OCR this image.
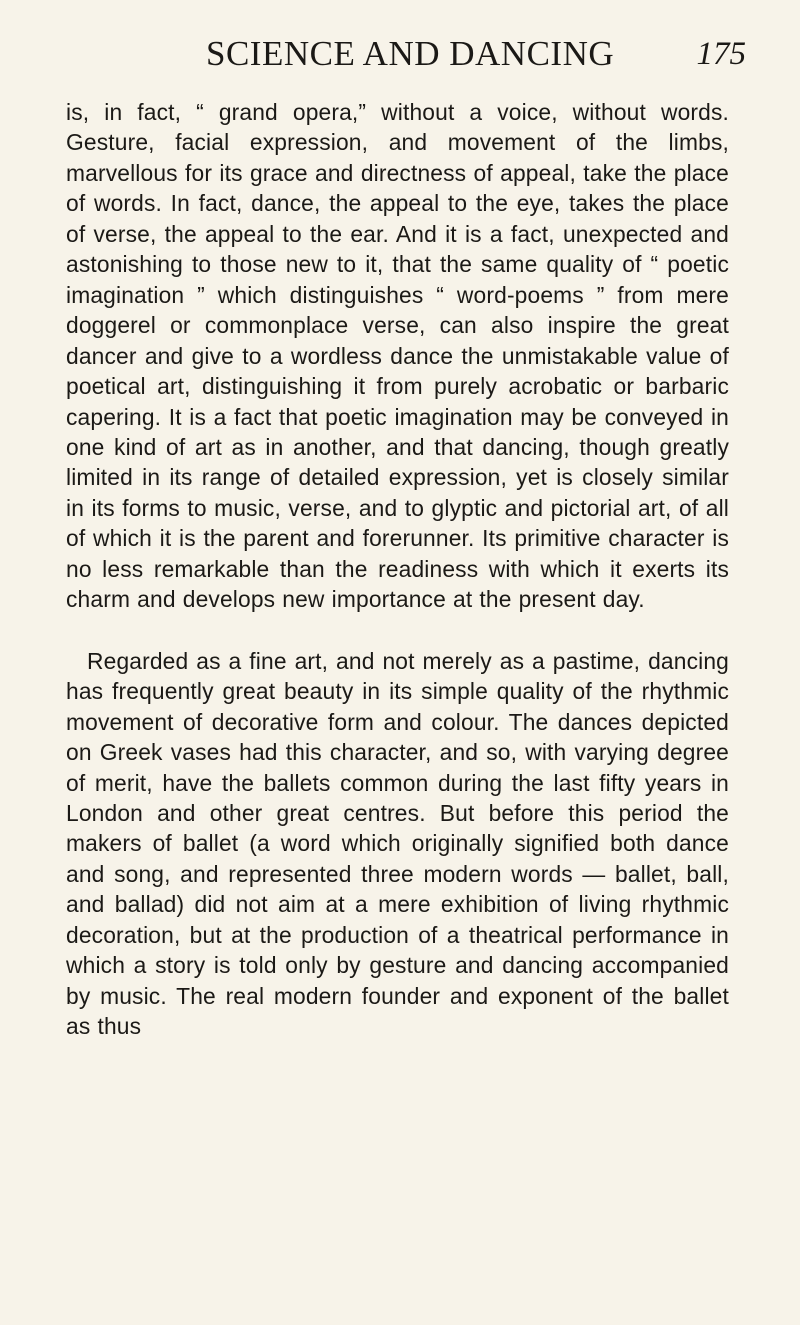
SCIENCE AND DANCING 175

is, in fact, “ grand opera,” without a voice, without words. Gesture, facial expression, and movement of the limbs, marvellous for its grace and directness of appeal, take the place of words. In fact, dance, the appeal to the eye, takes the place of verse, the appeal to the ear. And it is a fact, unexpected and astonishing to those new to it, that the same quality of “ poetic imagination ” which distinguishes “ word-poems ” from mere doggerel or commonplace verse, can also inspire the great dancer and give to a wordless dance the unmistakable value of poetical art, distinguishing it from purely acrobatic or barbaric capering. It is a fact that poetic imagination may be conveyed in one kind of art as in another, and that dancing, though greatly limited in its range of detailed expression, yet is closely similar in its forms to music, verse, and to glyptic and pictorial art, of all of which it is the parent and forerunner. Its primitive character is no less remarkable than the readiness with which it exerts its charm and develops new importance at the present day.

Regarded as a fine art, and not merely as a pastime, dancing has frequently great beauty in its simple quality of the rhythmic movement of decorative form and colour. The dances depicted on Greek vases had this character, and so, with varying degree of merit, have the ballets common during the last fifty years in London and other great centres. But before this period the makers of ballet (a word which originally signified both dance and song, and represented three modern words — ballet, ball, and ballad) did not aim at a mere exhibition of living rhythmic decoration, but at the production of a theatrical performance in which a story is told only by gesture and dancing accompanied by music. The real modern founder and exponent of the ballet as thus
